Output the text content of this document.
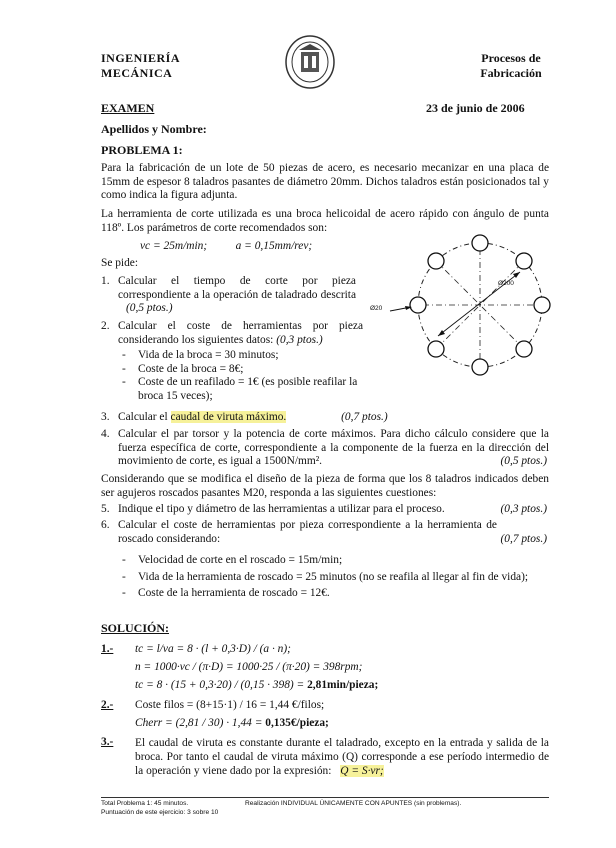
INGENIERÍA
MECÁNICA
Procesos de
Fabricación
EXAMEN	23 de junio de 2006
Apellidos y Nombre:
PROBLEMA 1:
Para la fabricación de un lote de 50 piezas de acero, es necesario mecanizar en una placa de 15mm de espesor 8 taladros pasantes de diámetro 20mm. Dichos taladros están posicionados tal y como indica la figura adjunta.
La herramienta de corte utilizada es una broca helicoidal de acero rápido con ángulo de punta 118º. Los parámetros de corte recomendados son:
vc = 25m/min;          a = 0,15mm/rev;
Se pide:
Ø200
Ø20
1. Calcular el tiempo de corte por pieza correspondiente a la operación de taladrado descrita (0,5 ptos.)
2. Calcular el coste de herramientas por pieza considerando los siguientes datos: (0,3 ptos.)
- Vida de la broca = 30 minutos;
- Coste de la broca = 8€;
- Coste de un reafilado = 1€ (es posible reafilar la broca 15 veces);
3. Calcular el caudal de viruta máximo.	(0,7 ptos.)
4. Calcular el par torsor y la potencia de corte máximos. Para dicho cálculo considere que la fuerza específica de corte, correspondiente a la componente de la fuerza en la dirección del movimiento de corte, es igual a 1500N/mm².	(0,5 ptos.)
Considerando que se modifica el diseño de la pieza de forma que los 8 taladros indicados deben ser agujeros roscados pasantes M20, responda a las siguientes cuestiones:
5. Indique el tipo y diámetro de las herramientas a utilizar para el proceso.	(0,3 ptos.)
6. Calcular el coste de herramientas por pieza correspondiente a la herramienta de roscado considerando:	(0,7 ptos.)
- Velocidad de corte en el roscado = 15m/min;
- Vida de la herramienta de roscado = 25 minutos (no se reafila al llegar al fin de vida);
- Coste de la herramienta de roscado = 12€.
SOLUCIÓN:
1.- tc = l/va = 8 · (l + 0,3·D) / (a · n);
n = 1000·vc / (π·D) = 1000·25 / (π·20) = 398rpm;
tc = 8 · (15 + 0,3·20) / (0,15 · 398) = 2,81min/pieza;
2.- Coste filos = (8+15·1) / 16 = 1,44 €/filos;
Cherr = (2,81 / 30) · 1,44 = 0,135€/pieza;
3.- El caudal de viruta es constante durante el taladrado, excepto en la entrada y salida de la broca. Por tanto el caudal de viruta máximo (Q) corresponde a ese período intermedio de la operación y viene dado por la expresión: Q = S·vr;
Total Problema 1: 45 minutos.
Puntuación de este ejercicio: 3 sobre 10
Realización INDIVIDUAL ÚNICAMENTE CON APUNTES (sin problemas).
